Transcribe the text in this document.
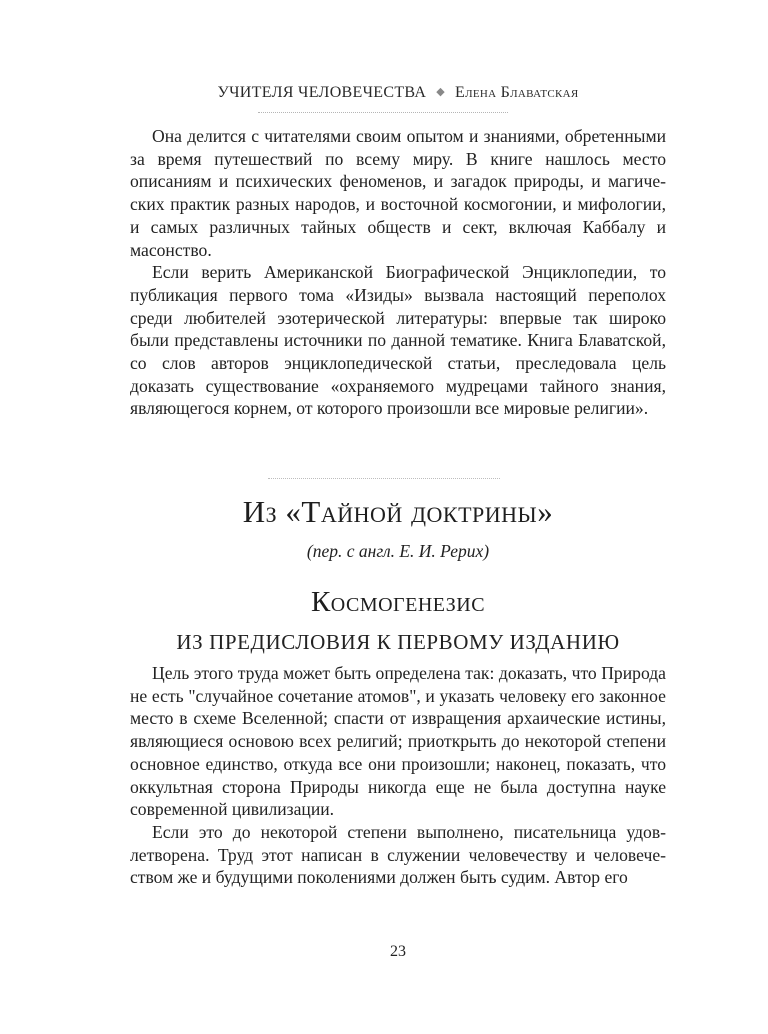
УЧИТЕЛЯ ЧЕЛОВЕЧЕСТВА ◆ Елена Блаватская

Она делится с читателями своим опытом и знаниями, обретенными за время путешествий по всему миру. В книге нашлось место описаниям и психических феноменов, и загадок природы, и магических практик разных народов, и восточной космогонии, и мифологии, и самых различных тайных обществ и сект, включая Каббалу и масонство.

Если верить Американской Биографической Энциклопедии, то публикация первого тома «Изиды» вызвала настоящий переполох среди любителей эзотерической литературы: впервые так широко были представлены источники по данной тематике. Книга Блаватской, со слов авторов энциклопедической статьи, преследовала цель доказать существование «охраняемого мудрецами тайного знания, являющегося корнем, от которого произошли все мировые религии».

Из «Тайной доктрины»
(пер. с англ. Е. И. Рерих)
Космогенезис
ИЗ ПРЕДИСЛОВИЯ К ПЕРВОМУ ИЗДАНИЮ

Цель этого труда может быть определена так: доказать, что Природа не есть "случайное сочетание атомов", и указать человеку его законное место в схеме Вселенной; спасти от извращения архаические истины, являющиеся основою всех религий; приоткрыть до некоторой степени основное единство, откуда все они произошли; наконец, показать, что оккультная сторона Природы никогда еще не была доступна науке современной цивилизации.

Если это до некоторой степени выполнено, писательница удовлетворена. Труд этот написан в служении человечеству и человечеством же и будущими поколениями должен быть судим. Автор его

23
